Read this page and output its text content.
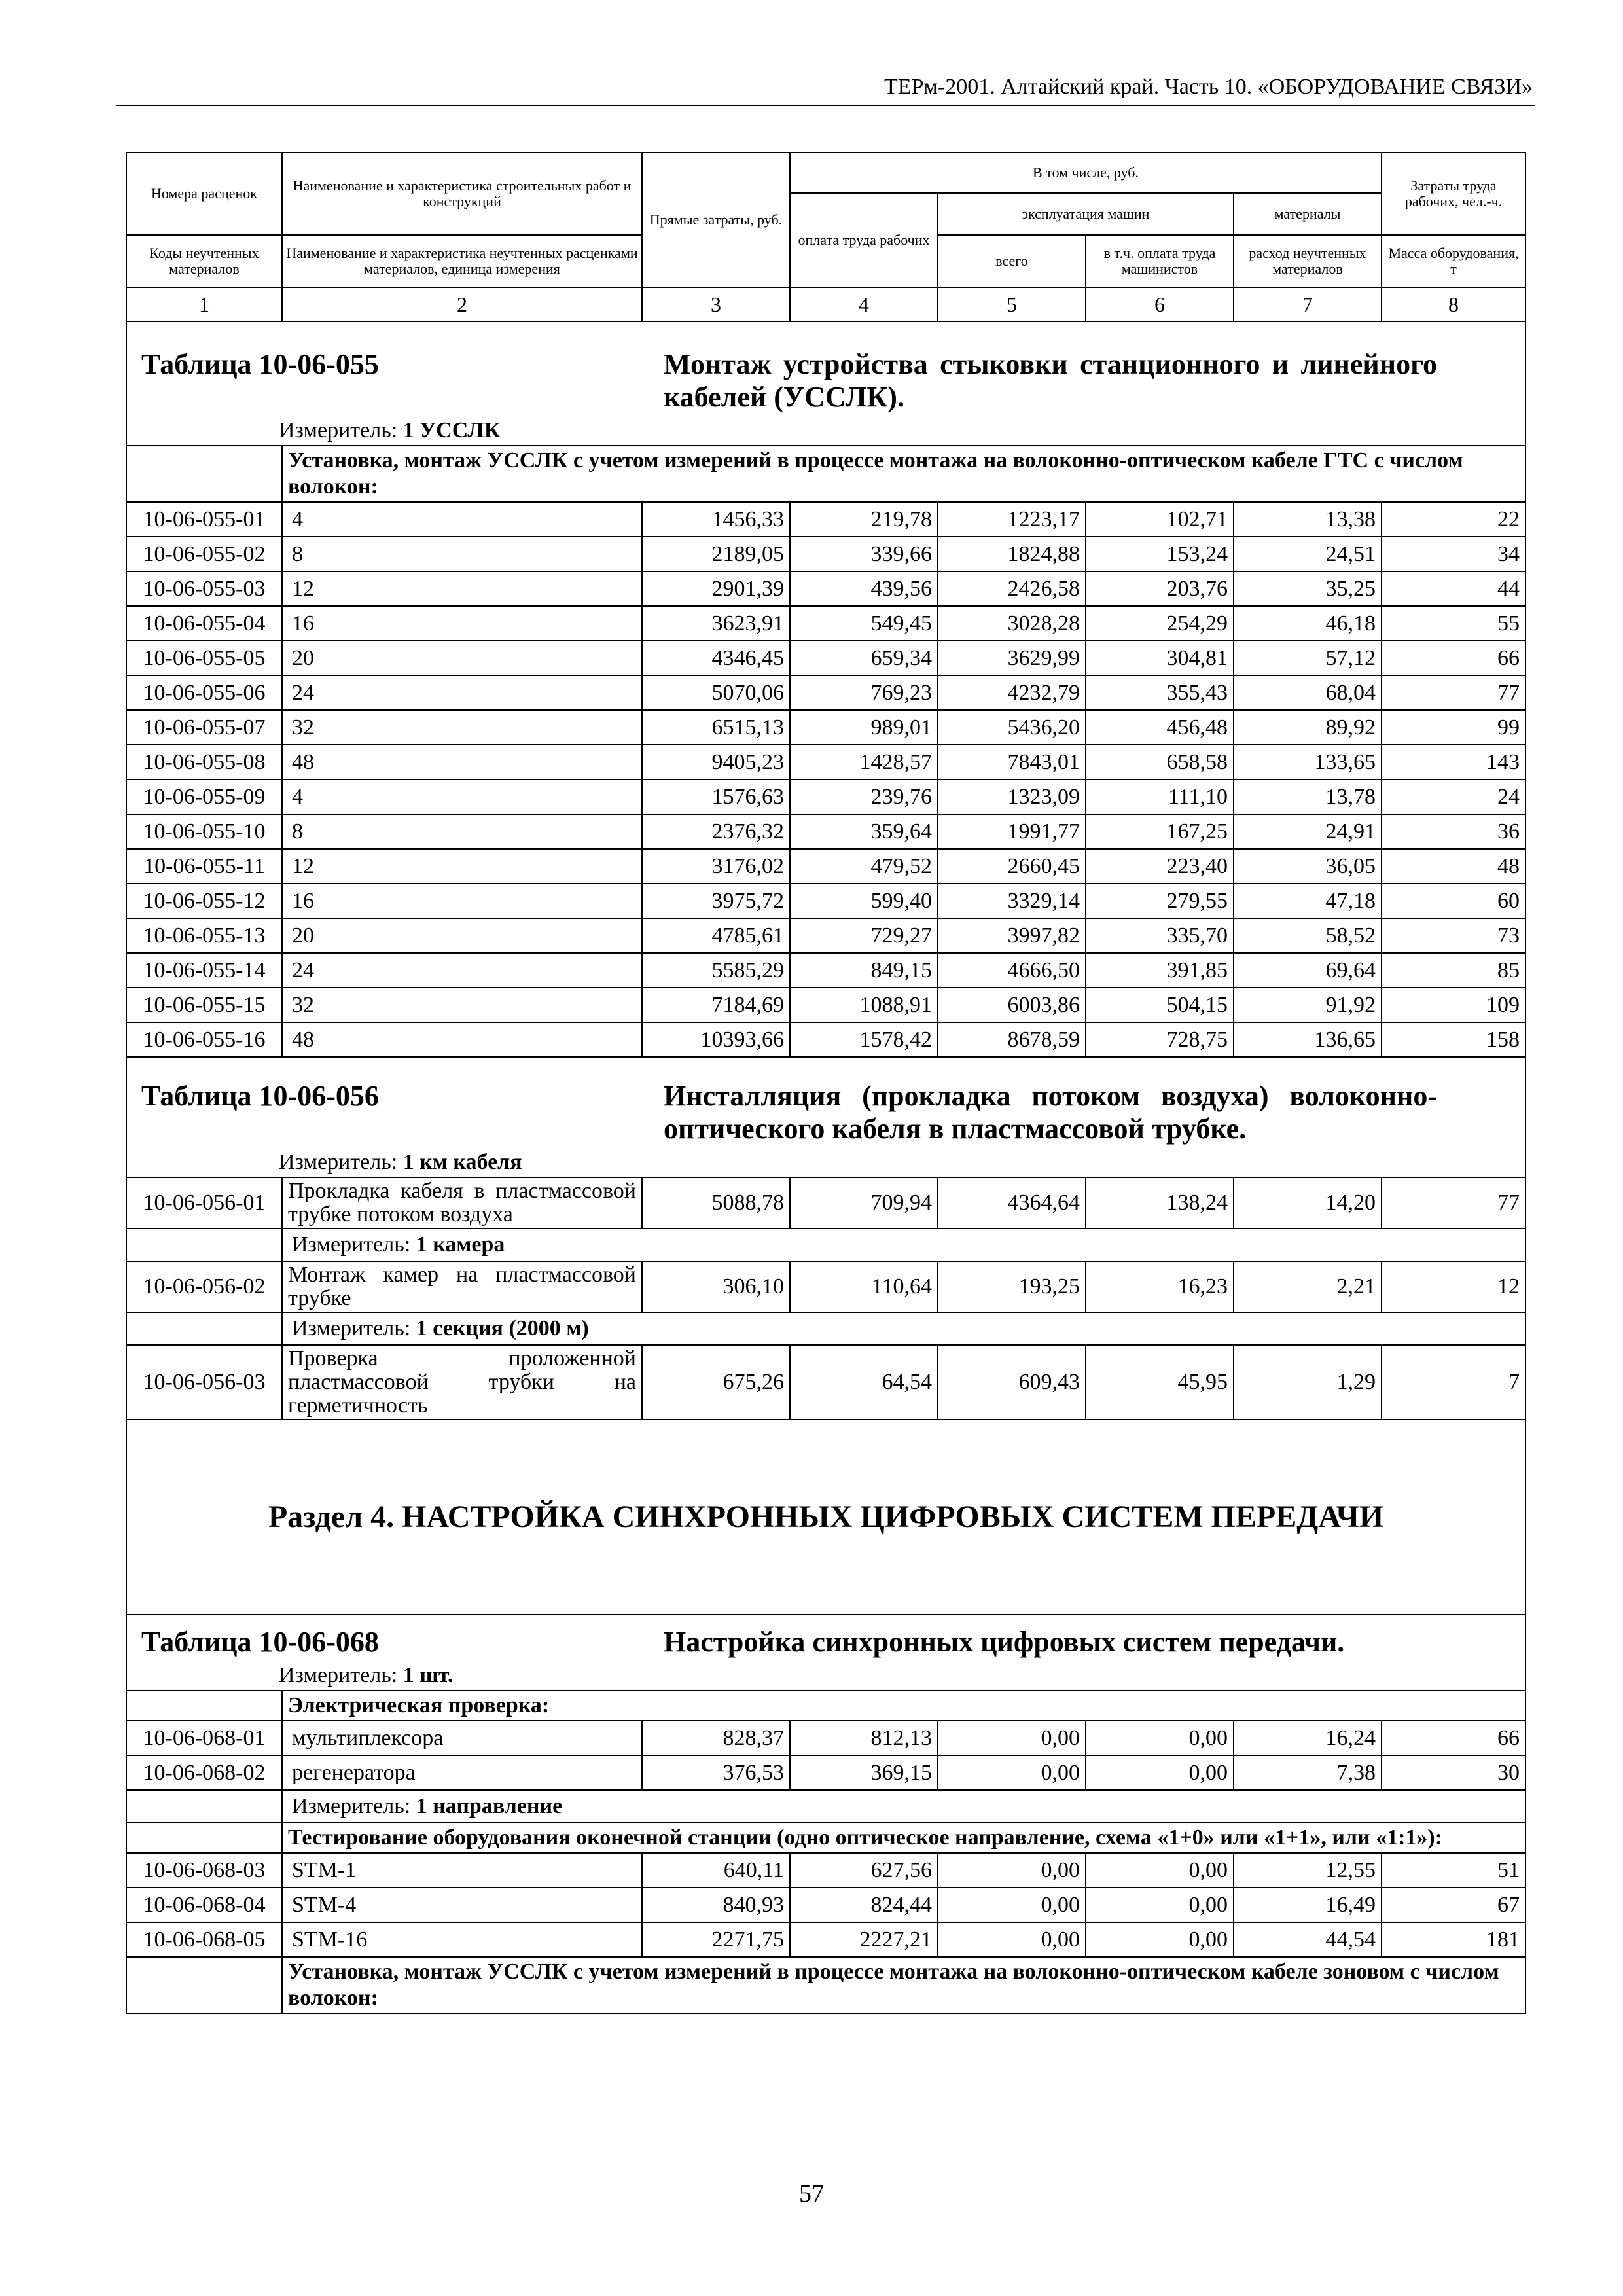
ТЕРм-2001. Алтайский край. Часть 10. «ОБОРУДОВАНИЕ СВЯЗИ»
Номера расценок	Наименование и характеристика строительных работ и конструкций	Прямые затраты, руб.	В том числе, руб.				Затраты труда рабочих, чел.-ч.
			оплата труда рабочих	эксплуатация машин		материалы	
Коды неучтенных материалов	Наименование и характеристика неучтенных расценками материалов, единица измерения			всего	в т.ч. оплата труда машинистов	расход неучтенных материалов	Масса оборудования, т
1	2	3	4	5	6	7	8

Таблица 10-06-055 Монтаж устройства стыковки станционного и линейного кабелей (УССЛК).							

Измеритель: 1 УССЛК							

	Установка, монтаж УССЛК с учетом измерений в процессе монтажа на волоконно-оптическом кабеле ГТС с числом волокон:						
10-06-055-01	4	1456,33	219,78	1223,17	102,71	13,38	22
10-06-055-02	8	2189,05	339,66	1824,88	153,24	24,51	34
10-06-055-03	12	2901,39	439,56	2426,58	203,76	35,25	44
10-06-055-04	16	3623,91	549,45	3028,28	254,29	46,18	55
10-06-055-05	20	4346,45	659,34	3629,99	304,81	57,12	66
10-06-055-06	24	5070,06	769,23	4232,79	355,43	68,04	77
10-06-055-07	32	6515,13	989,01	5436,20	456,48	89,92	99
10-06-055-08	48	9405,23	1428,57	7843,01	658,58	133,65	143
10-06-055-09	4	1576,63	239,76	1323,09	111,10	13,78	24
10-06-055-10	8	2376,32	359,64	1991,77	167,25	24,91	36
10-06-055-11	12	3176,02	479,52	2660,45	223,40	36,05	48
10-06-055-12	16	3975,72	599,40	3329,14	279,55	47,18	60
10-06-055-13	20	4785,61	729,27	3997,82	335,70	58,52	73
10-06-055-14	24	5585,29	849,15	4666,50	391,85	69,64	85
10-06-055-15	32	7184,69	1088,91	6003,86	504,15	91,92	109
10-06-055-16	48	10393,66	1578,42	8678,59	728,75	136,65	158

Таблица 10-06-056 Инсталляция (прокладка потоком воздуха) волоконно-оптического кабеля в пластмассовой трубке.							

Измеритель: 1 км кабеля							

10-06-056-01	Прокладка кабеля в пластмассовой трубке потоком воздуха	5088,78	709,94	4364,64	138,24	14,20	77
	Измеритель: 1 камера						
10-06-056-02	Монтаж камер на пластмассовой трубке	306,10	110,64	193,25	16,23	2,21	12
	Измеритель: 1 секция (2000 м)						
10-06-056-03	Проверка проложенной пластмассовой трубки на герметичность	675,26	64,54	609,43	45,95	1,29	7
Раздел 4. НАСТРОЙКА СИНХРОННЫХ ЦИФРОВЫХ СИСТЕМ ПЕРЕДАЧИ							

Таблица 10-06-068 Настройка синхронных цифровых систем передачи.							

Измеритель: 1 шт.							

	Электрическая проверка:						
10-06-068-01	мультиплексора	828,37	812,13	0,00	0,00	16,24	66
10-06-068-02	регенератора	376,53	369,15	0,00	0,00	7,38	30
	Измеритель: 1 направление						
	Тестирование оборудования оконечной станции (одно оптическое направление, схема «1+0» или «1+1», или «1:1»):						
10-06-068-03	STM-1	640,11	627,56	0,00	0,00	12,55	51
10-06-068-04	STM-4	840,93	824,44	0,00	0,00	16,49	67
10-06-068-05	STM-16	2271,75	2227,21	0,00	0,00	44,54	181
	Установка, монтаж УССЛК с учетом измерений в процессе монтажа на волоконно-оптическом кабеле зоновом с числом волокон:						
57
